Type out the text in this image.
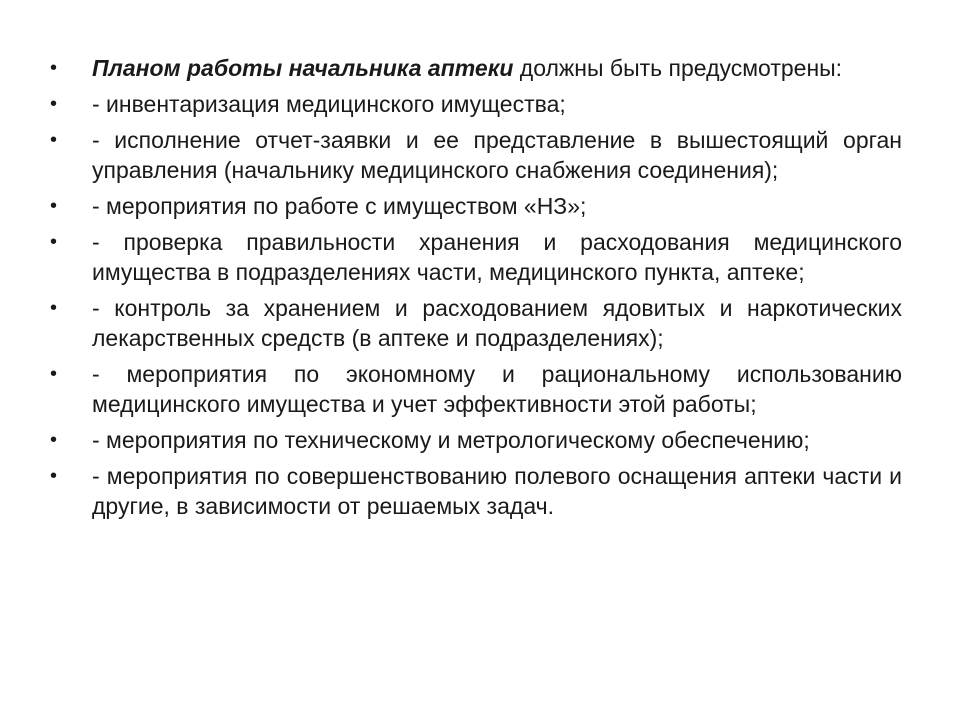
•	Планом работы начальника аптеки должны быть предусмотрены:
•	- инвентаризация медицинского имущества;
•	- исполнение отчет-заявки и ее представление в вышестоящий орган управления (начальнику медицинского снабжения соединения);
•	- мероприятия по работе с имуществом «НЗ»;
•	- проверка правильности хранения и расходования медицинского имущества в подразделениях части, медицинского пункта, аптеке;
•	- контроль за хранением и расходованием ядовитых и наркотических лекарственных средств (в аптеке и подразделениях);
•	- мероприятия по экономному и рациональному использованию медицинского имущества и учет эффективности этой работы;
•	- мероприятия по техническому и метрологическому обеспечению;
•	- мероприятия по совершенствованию полевого оснащения аптеки части и другие, в зависимости от решаемых задач.
